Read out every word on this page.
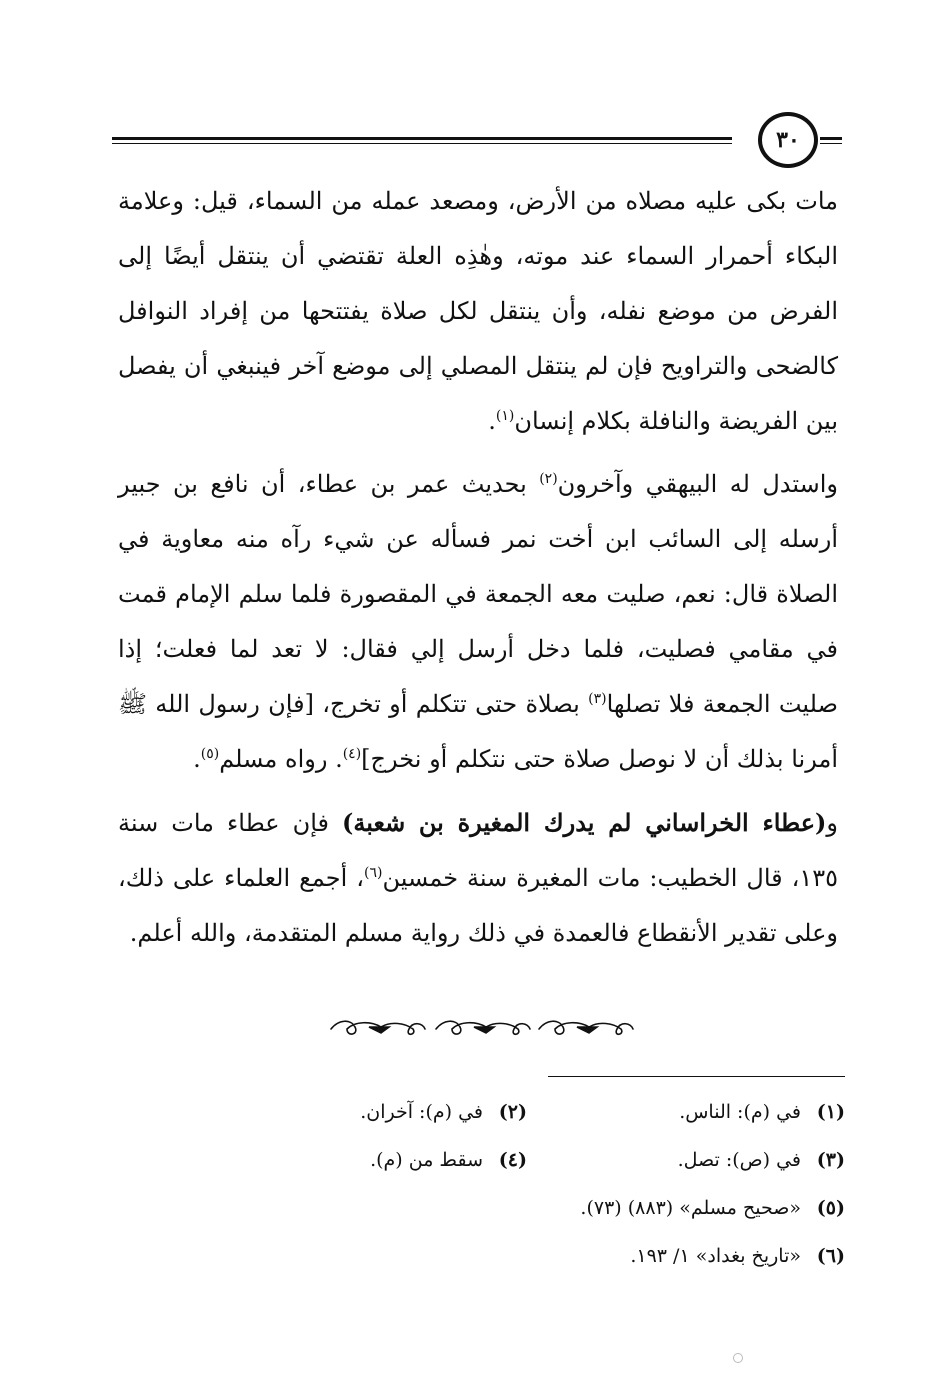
٣٠

مات بكى عليه مصلاه من الأرض، ومصعد عمله من السماء، قيل: وعلامة البكاء أحمرار السماء عند موته، وهٰذِه العلة تقتضي أن ينتقل أيضًا إلى الفرض من موضع نفله، وأن ينتقل لكل صلاة يفتتحها من إفراد النوافل كالضحى والتراويح فإن لم ينتقل المصلي إلى موضع آخر فينبغي أن يفصل بين الفريضة والنافلة بكلام إنسان$^{(١)}$.

واستدل له البيهقي وآخرون$^{(٢)}$ بحديث عمر بن عطاء، أن نافع بن جبير أرسله إلى السائب ابن أخت نمر فسأله عن شيء رآه منه معاوية في الصلاة قال: نعم، صليت معه الجمعة في المقصورة فلما سلم الإمام قمت في مقامي فصليت، فلما دخل أرسل إلي فقال: لا تعد لما فعلت؛ إذا صليت الجمعة فلا تصلها$^{(٣)}$ بصلاة حتى تتكلم أو تخرج، [فإن رسول الله ﷺ أمرنا بذلك أن لا نوصل صلاة حتى نتكلم أو نخرج]$^{(٤)}$. رواه مسلم$^{(٥)}$.

و(عطاء الخراساني لم يدرك المغيرة بن شعبة) فإن عطاء مات سنة ١٣٥، قال الخطيب: مات المغيرة سنة خمسين$^{(٦)}$، أجمع العلماء على ذلك، وعلى تقدير الأنقطاع فالعمدة في ذلك رواية مسلم المتقدمة، والله أعلم.

(١)
في (م): الناس.
(٢)
في (م): آخران.
(٣)
في (ص): تصل.
(٤)
سقط من (م).
(٥)
«صحيح مسلم» (٨٨٣) (٧٣).
(٦)
«تاريخ بغداد» ١/ ١٩٣.
